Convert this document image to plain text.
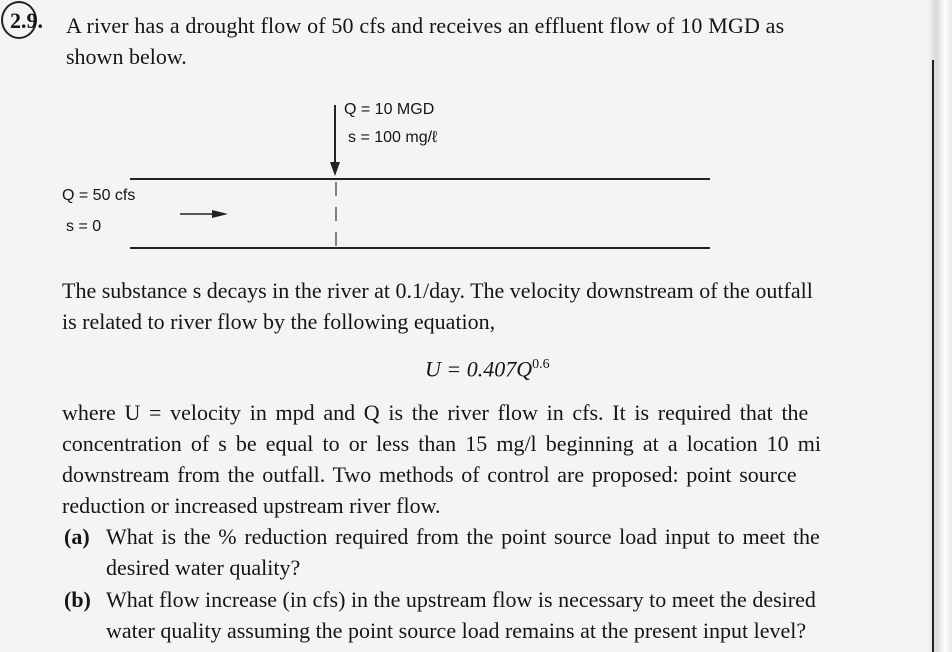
2.9. A river has a drought flow of 50 cfs and receives an effluent flow of 10 MGD as
shown below.
Q = 10 MGD
s = 100 mg/ℓ
Q = 50 cfs
s = 0
The substance s decays in the river at 0.1/day. The velocity downstream of the outfall
is related to river flow by the following equation,
$U = 0.407Q^{0.6}$
where U = velocity in mpd and Q is the river flow in cfs. It is required that the
concentration of s be equal to or less than 15 mg/l beginning at a location 10 mi
downstream from the outfall. Two methods of control are proposed: point source
reduction or increased upstream river flow.
(a) What is the % reduction required from the point source load input to meet the
desired water quality?
(b) What flow increase (in cfs) in the upstream flow is necessary to meet the desired
water quality assuming the point source load remains at the present input level?
